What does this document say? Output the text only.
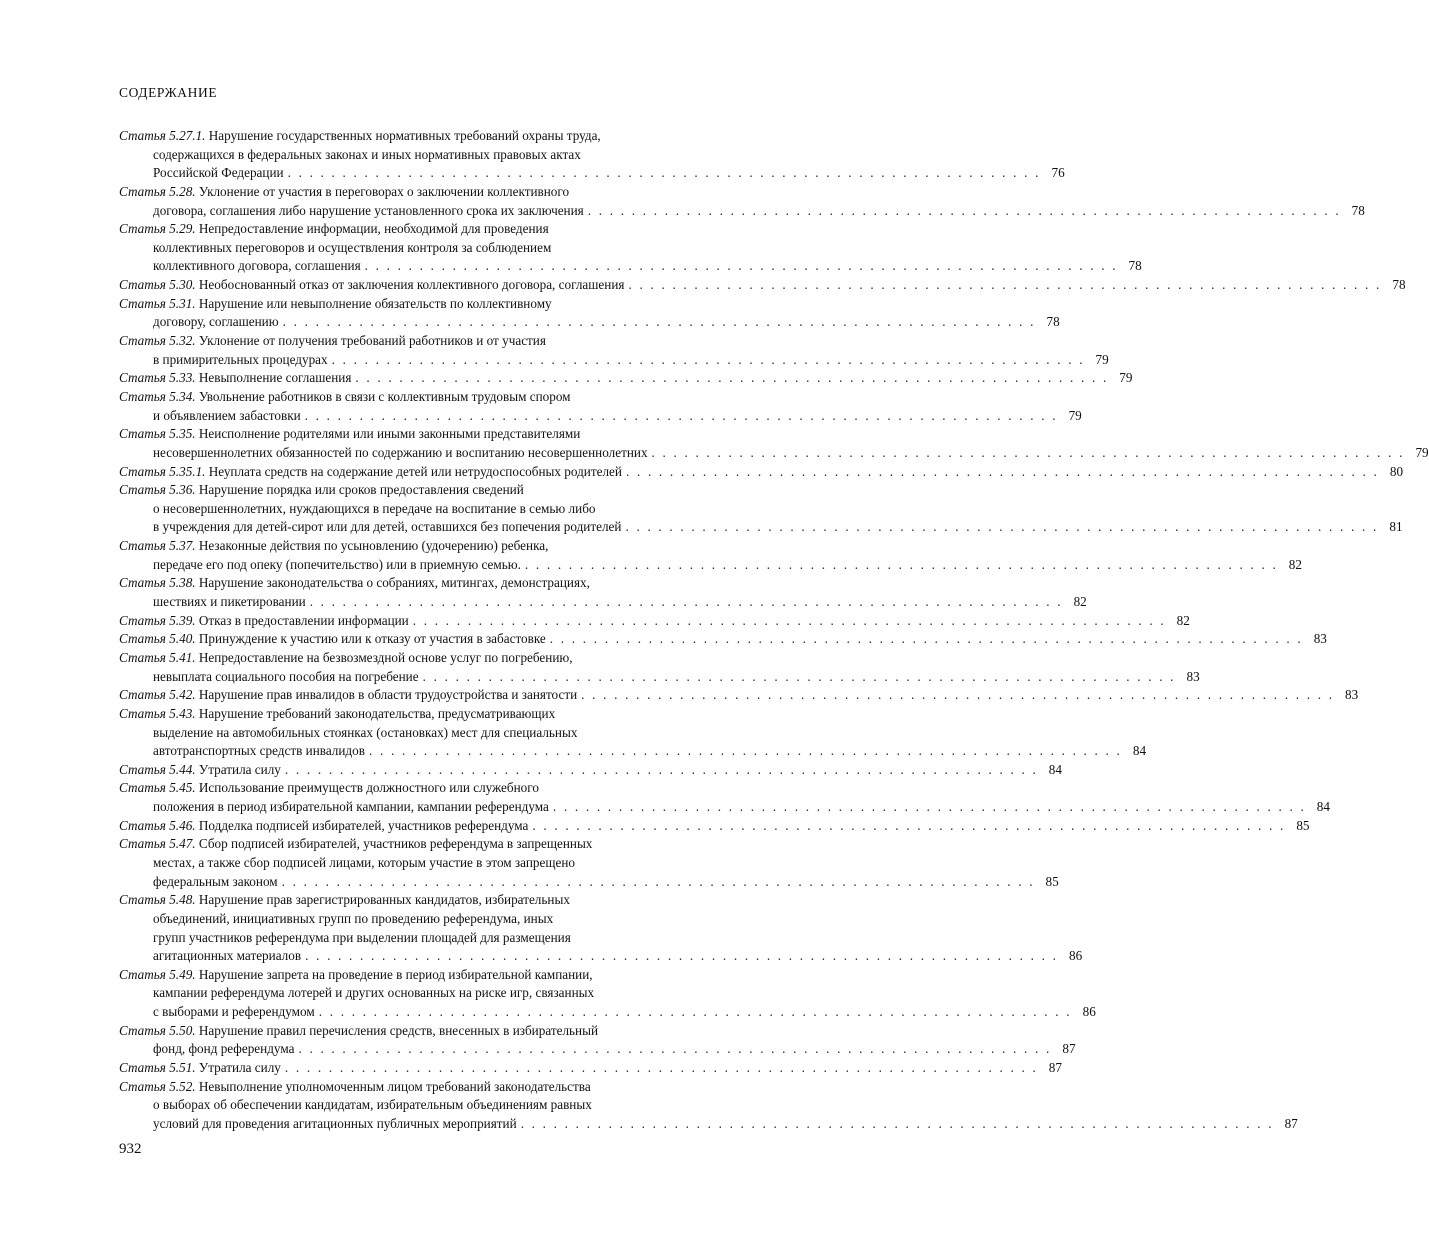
СОДЕРЖАНИЕ
Статья 5.27.1. Нарушение государственных нормативных требований охраны труда,
содержащихся в федеральных законах и иных нормативных правовых актах
Российской Федерации . . . . . . . . . . . . . . . . . . . . . . . . . . . . . . . . . . . . . . . . . . . . . . . . . . . . . . . . . . . . . . . . . . . . . 76
Статья 5.28. Уклонение от участия в переговорах о заключении коллективного
договора, соглашения либо нарушение установленного срока их заключения . . . . . . . . . . . . . . . . . . . . . . . . . . . . . . . . . . . . . . . . . . . . . . . . . . . . . . . . . . . . . . . . . . . . . 78
Статья 5.29. Непредоставление информации, необходимой для проведения
коллективных переговоров и осуществления контроля за соблюдением
коллективного договора, соглашения . . . . . . . . . . . . . . . . . . . . . . . . . . . . . . . . . . . . . . . . . . . . . . . . . . . . . . . . . . . . . . . . . . . . . 78
Статья 5.30. Необоснованный отказ от заключения коллективного договора, соглашения . . . . . . . . . . . . . . . . . . . . . . . . . . . . . . . . . . . . . . . . . . . . . . . . . . . . . . . . . . . . . . . . . . . . . 78
Статья 5.31. Нарушение или невыполнение обязательств по коллективному
договору, соглашению . . . . . . . . . . . . . . . . . . . . . . . . . . . . . . . . . . . . . . . . . . . . . . . . . . . . . . . . . . . . . . . . . . . . . 78
Статья 5.32. Уклонение от получения требований работников и от участия
в примирительных процедурах . . . . . . . . . . . . . . . . . . . . . . . . . . . . . . . . . . . . . . . . . . . . . . . . . . . . . . . . . . . . . . . . . . . . . 79
Статья 5.33. Невыполнение соглашения . . . . . . . . . . . . . . . . . . . . . . . . . . . . . . . . . . . . . . . . . . . . . . . . . . . . . . . . . . . . . . . . . . . . . 79
Статья 5.34. Увольнение работников в связи с коллективным трудовым спором
и объявлением забастовки . . . . . . . . . . . . . . . . . . . . . . . . . . . . . . . . . . . . . . . . . . . . . . . . . . . . . . . . . . . . . . . . . . . . . 79
Статья 5.35. Неисполнение родителями или иными законными представителями
несовершеннолетних обязанностей по содержанию и воспитанию несовершеннолетних . . . . . . . . . . . . . . . . . . . . . . . . . . . . . . . . . . . . . . . . . . . . . . . . . . . . . . . . . . . . . . . . . . . . . 79
Статья 5.35.1. Неуплата средств на содержание детей или нетрудоспособных родителей . . . . . . . . . . . . . . . . . . . . . . . . . . . . . . . . . . . . . . . . . . . . . . . . . . . . . . . . . . . . . . . . . . . . . 80
Статья 5.36. Нарушение порядка или сроков предоставления сведений
о несовершеннолетних, нуждающихся в передаче на воспитание в семью либо
в учреждения для детей-сирот или для детей, оставшихся без попечения родителей . . . . . . . . . . . . . . . . . . . . . . . . . . . . . . . . . . . . . . . . . . . . . . . . . . . . . . . . . . . . . . . . . . . . . 81
Статья 5.37. Незаконные действия по усыновлению (удочерению) ребенка,
передаче его под опеку (попечительство) или в приемную семью. . . . . . . . . . . . . . . . . . . . . . . . . . . . . . . . . . . . . . . . . . . . . . . . . . . . . . . . . . . . . . . . . . . . . . 82
Статья 5.38. Нарушение законодательства о собраниях, митингах, демонстрациях,
шествиях и пикетировании . . . . . . . . . . . . . . . . . . . . . . . . . . . . . . . . . . . . . . . . . . . . . . . . . . . . . . . . . . . . . . . . . . . . . 82
Статья 5.39. Отказ в предоставлении информации . . . . . . . . . . . . . . . . . . . . . . . . . . . . . . . . . . . . . . . . . . . . . . . . . . . . . . . . . . . . . . . . . . . . . 82
Статья 5.40. Принуждение к участию или к отказу от участия в забастовке . . . . . . . . . . . . . . . . . . . . . . . . . . . . . . . . . . . . . . . . . . . . . . . . . . . . . . . . . . . . . . . . . . . . . 83
Статья 5.41. Непредоставление на безвозмездной основе услуг по погребению,
невыплата социального пособия на погребение . . . . . . . . . . . . . . . . . . . . . . . . . . . . . . . . . . . . . . . . . . . . . . . . . . . . . . . . . . . . . . . . . . . . . 83
Статья 5.42. Нарушение прав инвалидов в области трудоустройства и занятости . . . . . . . . . . . . . . . . . . . . . . . . . . . . . . . . . . . . . . . . . . . . . . . . . . . . . . . . . . . . . . . . . . . . . 83
Статья 5.43. Нарушение требований законодательства, предусматривающих
выделение на автомобильных стоянках (остановках) мест для специальных
автотранспортных средств инвалидов . . . . . . . . . . . . . . . . . . . . . . . . . . . . . . . . . . . . . . . . . . . . . . . . . . . . . . . . . . . . . . . . . . . . . 84
Статья 5.44. Утратила силу . . . . . . . . . . . . . . . . . . . . . . . . . . . . . . . . . . . . . . . . . . . . . . . . . . . . . . . . . . . . . . . . . . . . . 84
Статья 5.45. Использование преимуществ должностного или служебного
положения в период избирательной кампании, кампании референдума . . . . . . . . . . . . . . . . . . . . . . . . . . . . . . . . . . . . . . . . . . . . . . . . . . . . . . . . . . . . . . . . . . . . . 84
Статья 5.46. Подделка подписей избирателей, участников референдума . . . . . . . . . . . . . . . . . . . . . . . . . . . . . . . . . . . . . . . . . . . . . . . . . . . . . . . . . . . . . . . . . . . . . 85
Статья 5.47. Сбор подписей избирателей, участников референдума в запрещенных
местах, а также сбор подписей лицами, которым участие в этом запрещено
федеральным законом . . . . . . . . . . . . . . . . . . . . . . . . . . . . . . . . . . . . . . . . . . . . . . . . . . . . . . . . . . . . . . . . . . . . . 85
Статья 5.48. Нарушение прав зарегистрированных кандидатов, избирательных
объединений, инициативных групп по проведению референдума, иных
групп участников референдума при выделении площадей для размещения
агитационных материалов . . . . . . . . . . . . . . . . . . . . . . . . . . . . . . . . . . . . . . . . . . . . . . . . . . . . . . . . . . . . . . . . . . . . . 86
Статья 5.49. Нарушение запрета на проведение в период избирательной кампании,
кампании референдума лотерей и других основанных на риске игр, связанных
с выборами и референдумом . . . . . . . . . . . . . . . . . . . . . . . . . . . . . . . . . . . . . . . . . . . . . . . . . . . . . . . . . . . . . . . . . . . . . 86
Статья 5.50. Нарушение правил перечисления средств, внесенных в избирательный
фонд, фонд референдума . . . . . . . . . . . . . . . . . . . . . . . . . . . . . . . . . . . . . . . . . . . . . . . . . . . . . . . . . . . . . . . . . . . . . 87
Статья 5.51. Утратила силу . . . . . . . . . . . . . . . . . . . . . . . . . . . . . . . . . . . . . . . . . . . . . . . . . . . . . . . . . . . . . . . . . . . . . 87
Статья 5.52. Невыполнение уполномоченным лицом требований законодательства
о выборах об обеспечении кандидатам, избирательным объединениям равных
условий для проведения агитационных публичных мероприятий . . . . . . . . . . . . . . . . . . . . . . . . . . . . . . . . . . . . . . . . . . . . . . . . . . . . . . . . . . . . . . . . . . . . . 87
932
